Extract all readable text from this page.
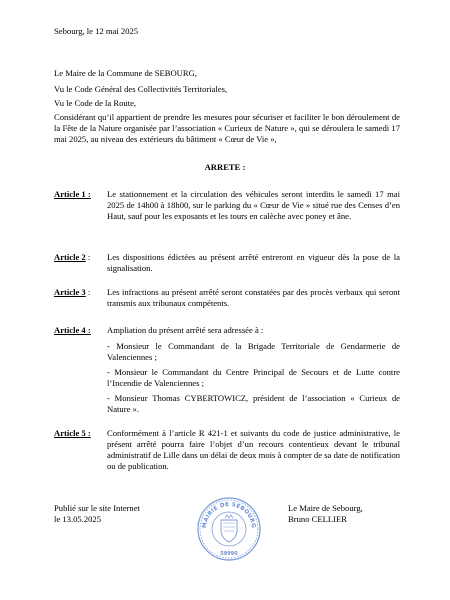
Sebourg, le 12 mai 2025
Le Maire de la Commune de SEBOURG,
Vu le Code Général des Collectivités Territoriales,
Vu le Code de la Route,
Considérant qu’il appartient de prendre les mesures pour sécuriser et faciliter le bon déroulement de la Fête de la Nature organisée par l’association « Curieux de Nature », qui se déroulera le samedi 17 mai 2025, au niveau des extérieurs du bâtiment « Cœur de Vie »,
ARRETE :
Article 1 : Le stationnement et la circulation des véhicules seront interdits le samedi 17 mai 2025 de 14h00 à 18h00, sur le parking du « Cœur de Vie » situé rue des Censes d’en Haut, sauf pour les exposants et les tours en calèche avec poney et âne.
Article 2 : Les dispositions édictées au présent arrêté entreront en vigueur dès la pose de la signalisation.
Article 3 : Les infractions au présent arrêté seront constatées par des procès verbaux qui seront transmis aux tribunaux compétents.
Article 4 : Ampliation du présent arrêté sera adressée à :
- Monsieur le Commandant de la Brigade Territoriale de Gendarmerie de Valenciennes ;
- Monsieur le Commandant du Centre Principal de Secours et de Lutte contre l’Incendie de Valenciennes ;
- Monsieur Thomas CYBERTOWICZ, président de l’association « Curieux de Nature ».
Article 5 : Conformément à l’article R 421-1 et suivants du code de justice administrative, le présent arrêté pourra faire l’objet d’un recours contentieux devant le tribunal administratif de Lille dans un délai de deux mois à compter de sa date de notification ou de publication.
Publié sur le site Internet
le 13.05.2025
Le Maire de Sebourg,
Bruno CELLIER
MAIRIE DE SEBOURG
59990
